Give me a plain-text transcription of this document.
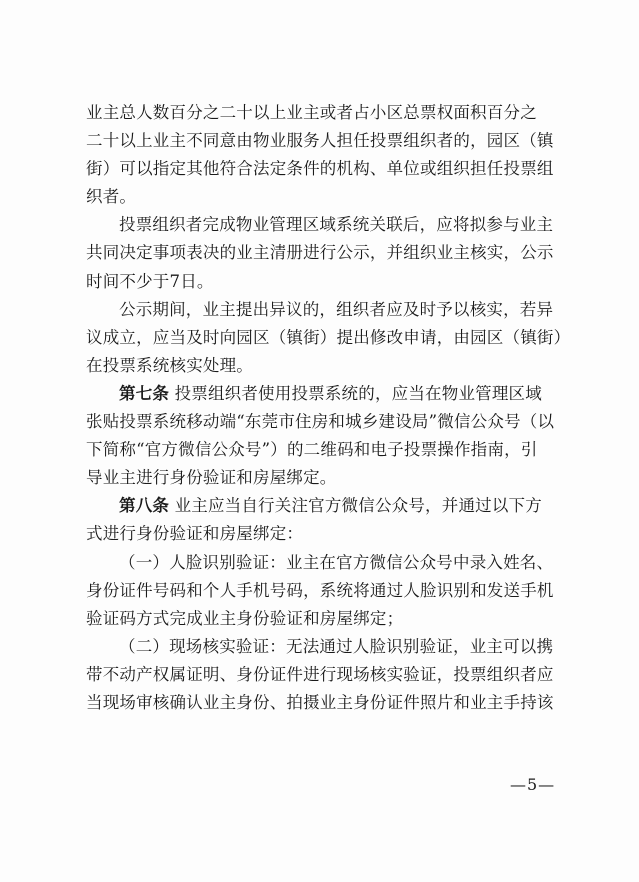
业主总人数百分之二十以上业主或者占小区总票权面积百分之
二十以上业主不同意由物业服务人担任投票组织者的，园区（镇
街）可以指定其他符合法定条件的机构、单位或组织担任投票组
织者。
投票组织者完成物业管理区域系统关联后，应将拟参与业主
共同决定事项表决的业主清册进行公示，并组织业主核实，公示
时间不少于7日。
公示期间，业主提出异议的，组织者应及时予以核实，若异
议成立，应当及时向园区（镇街）提出修改申请，由园区（镇街）
在投票系统核实处理。
第七条 投票组织者使用投票系统的，应当在物业管理区域
张贴投票系统移动端“东莞市住房和城乡建设局”微信公众号（以
下简称“官方微信公众号”）的二维码和电子投票操作指南，引
导业主进行身份验证和房屋绑定。
第八条 业主应当自行关注官方微信公众号，并通过以下方
式进行身份验证和房屋绑定：
（一）人脸识别验证：业主在官方微信公众号中录入姓名、
身份证件号码和个人手机号码，系统将通过人脸识别和发送手机
验证码方式完成业主身份验证和房屋绑定；
（二）现场核实验证：无法通过人脸识别验证，业主可以携
带不动产权属证明、身份证件进行现场核实验证，投票组织者应
当现场审核确认业主身份、拍摄业主身份证件照片和业主手持该
—5—
